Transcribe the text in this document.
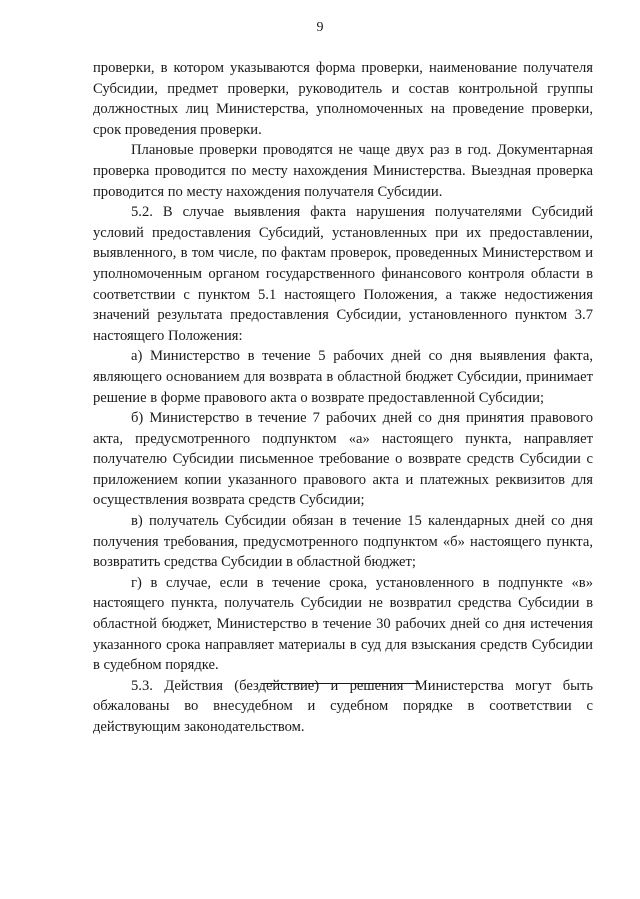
9

проверки, в котором указываются форма проверки, наименование получателя Субсидии, предмет проверки, руководитель и состав контрольной группы должностных лиц Министерства, уполномоченных на проведение проверки, срок проведения проверки.

Плановые проверки проводятся не чаще двух раз в год. Документарная проверка проводится по месту нахождения Министерства. Выездная проверка проводится по месту нахождения получателя Субсидии.

5.2. В случае выявления факта нарушения получателями Субсидий условий предоставления Субсидий, установленных при их предоставлении, выявленного, в том числе, по фактам проверок, проведенных Министерством и уполномоченным органом государственного финансового контроля области в соответствии с пунктом 5.1 настоящего Положения, а также недостижения значений результата предоставления Субсидии, установленного пунктом 3.7 настоящего Положения:

а) Министерство в течение 5 рабочих дней со дня выявления факта, являющего основанием для возврата в областной бюджет Субсидии, принимает решение в форме правового акта о возврате предоставленной Субсидии;

б) Министерство в течение 7 рабочих дней со дня принятия правового акта, предусмотренного подпунктом «а» настоящего пункта, направляет получателю Субсидии письменное требование о возврате средств Субсидии с приложением копии указанного правового акта и платежных реквизитов для осуществления возврата средств Субсидии;

в) получатель Субсидии обязан в течение 15 календарных дней со дня получения требования, предусмотренного подпунктом «б» настоящего пункта, возвратить средства Субсидии в областной бюджет;

г) в случае, если в течение срока, установленного в подпункте «в» настоящего пункта, получатель Субсидии не возвратил средства Субсидии в областной бюджет, Министерство в течение 30 рабочих дней со дня истечения указанного срока направляет материалы в суд для взыскания средств Субсидии в судебном порядке.

5.3. Действия (бездействие) и решения Министерства могут быть обжалованы во внесудебном и судебном порядке в соответствии с действующим законодательством.
